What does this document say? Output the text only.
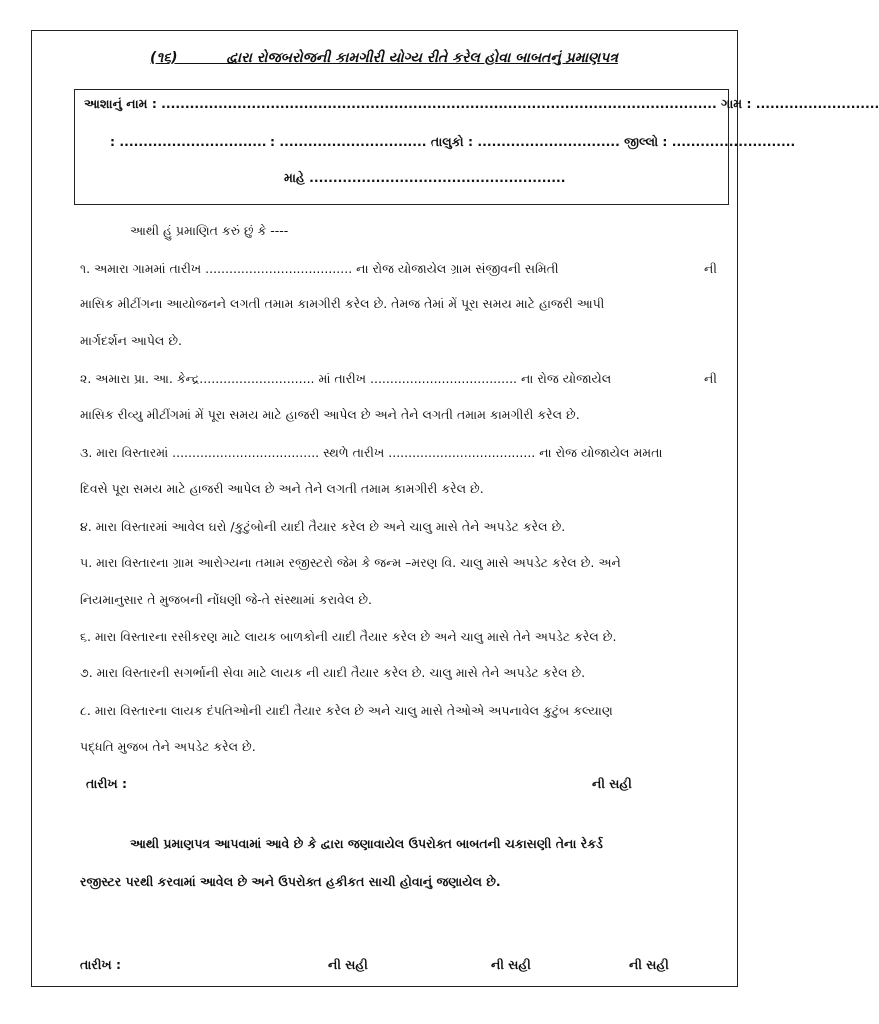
(૧૬)          દ્વારા રોજબરોજની કામગીરી યોગ્ય રીતે કરેલ હોવા બાબતનું પ્રમાણપત્ર
આશાનું નામ : ..................................................................................................................... ગામ : ..........................
: ............................... : ............................... તાલુકો : .............................. જીલ્લો : ..........................
માહે ......................................................
આથી હું પ્રમાણિત કરું છું કે ----
૧. અમારા ગામમાં તારીખ ..................................... ના રોજ યોજાયેલ ગ્રામ સંજીવની સમિતી	ની
માસિક મીટીંગના આયોજનને લગતી તમામ કામગીરી કરેલ છે. તેમજ તેમાં મેં પૂરા સમય માટે હાજરી આપી
માર્ગદર્શન આપેલ છે.
૨. અમારા પ્રા. આ. કેન્દ્ર............................. માં તારીખ ..................................... ના રોજ યોજાયેલ	ની
માસિક રીવ્યુ મીટીંગમાં મેં પૂરા સમય માટે હાજરી આપેલ છે અને તેને લગતી તમામ કામગીરી કરેલ છે.
૩. મારા વિસ્તારમાં ..................................... સ્થળે તારીખ ..................................... ના રોજ યોજાયેલ મમતા
દિવસે પૂરા સમય માટે હાજરી આપેલ છે અને તેને લગતી તમામ કામગીરી કરેલ છે.
૪. મારા વિસ્તારમાં આવેલ ઘરો /કુટુંબોની યાદી તૈયાર કરેલ છે અને ચાલુ માસે તેને અપડેટ કરેલ છે.
૫. મારા વિસ્તારના ગ્રામ આરોગ્યના તમામ રજીસ્ટરો જેમ કે જન્મ –મરણ વિ. ચાલુ માસે અપડેટ કરેલ છે. અને
નિયમાનુસાર તે મુજબની નોંધણી જે-તે સંસ્થામાં કરાવેલ છે.
૬. મારા વિસ્તારના રસીકરણ માટે લાયક બાળકોની યાદી તૈયાર કરેલ છે અને ચાલુ માસે તેને અપડેટ કરેલ છે.
૭. મારા વિસ્તારની સગર્ભાની સેવા માટે લાયક ની યાદી તૈયાર કરેલ છે. ચાલુ માસે તેને અપડેટ કરેલ છે.
૮. મારા વિસ્તારના લાયક દંપતિઓની યાદી તૈયાર કરેલ છે અને ચાલુ માસે તેઓએ અપનાવેલ કુટુંબ કલ્યાણ
પદ્ધતિ મુજબ તેને અપડેટ કરેલ છે.
તારીખ :	ની સહી
આથી પ્રમાણપત્ર આપવામાં આવે છે કે દ્વારા જણાવાયેલ ઉપરોક્ત બાબતની ચકાસણી તેના રેકર્ડ
રજીસ્ટર પરથી કરવામાં આવેલ છે અને ઉપરોક્ત હકીકત સાચી હોવાનું જણાયેલ છે.
તારીખ :	ની સહી	ની સહી	ની સહી
